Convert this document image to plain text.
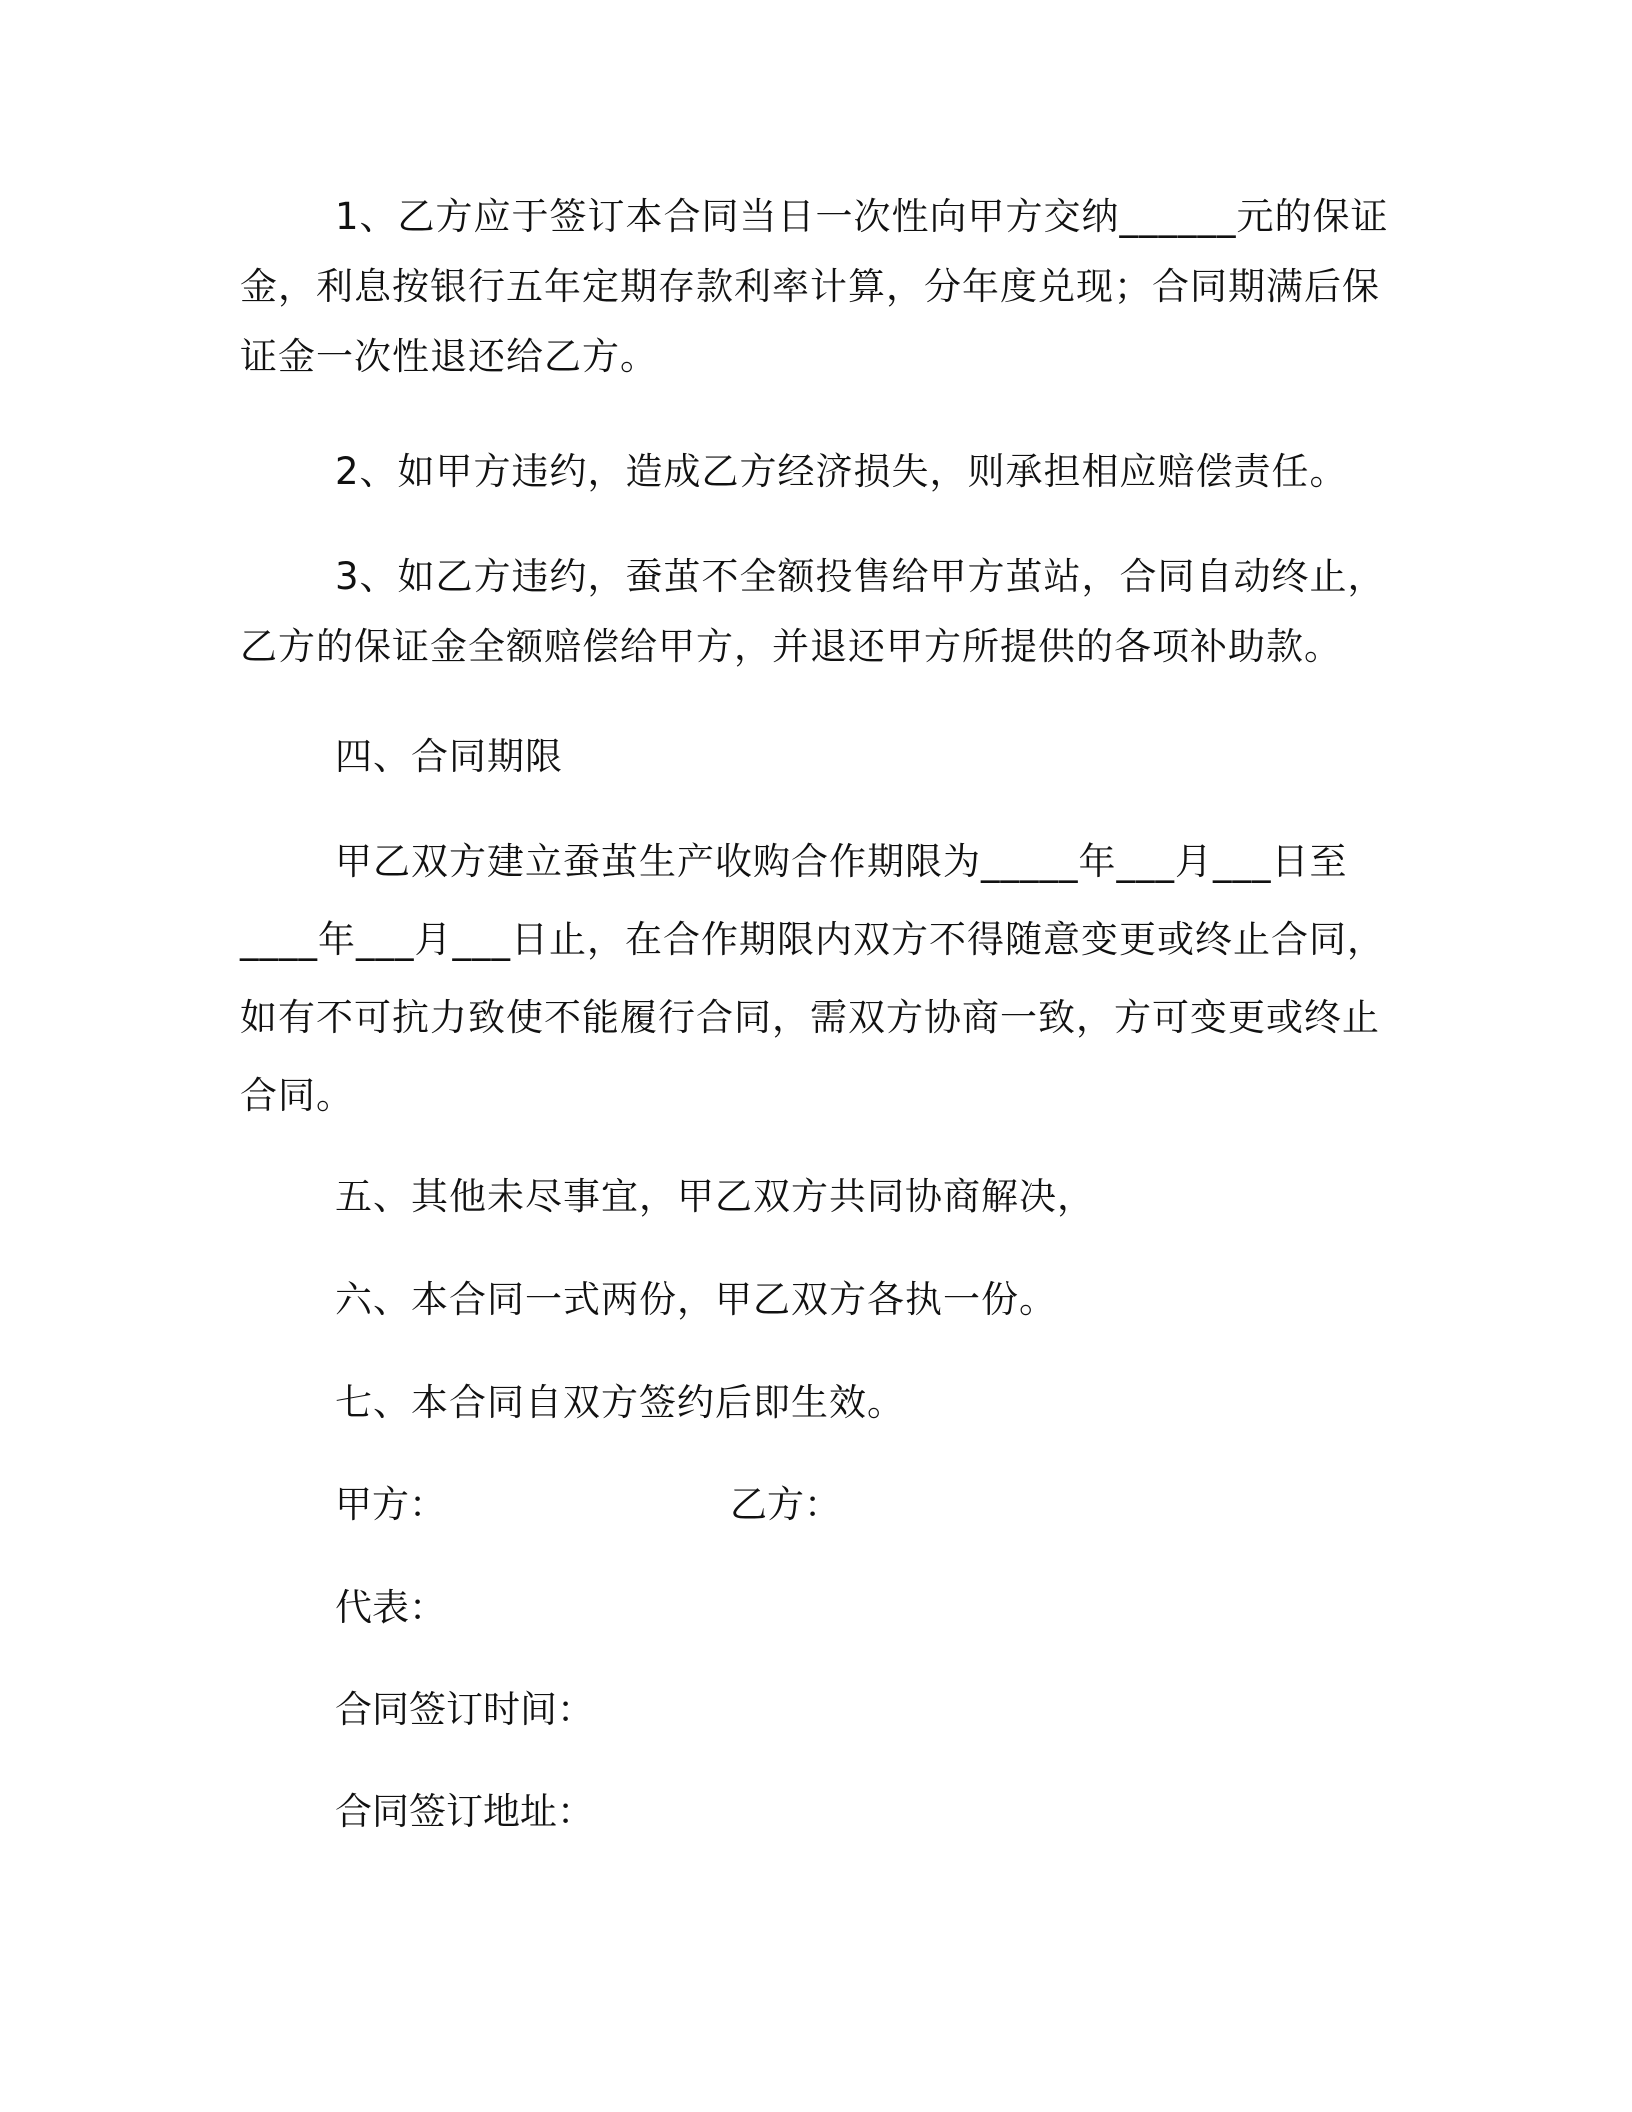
1、乙方应于签订本合同当日一次性向甲方交纳______元的保证
金，利息按银行五年定期存款利率计算，分年度兑现；合同期满后保
证金一次性退还给乙方。
2、如甲方违约，造成乙方经济损失，则承担相应赔偿责任。
3、如乙方违约，蚕茧不全额投售给甲方茧站，合同自动终止，
乙方的保证金全额赔偿给甲方，并退还甲方所提供的各项补助款。
四、合同期限
甲乙双方建立蚕茧生产收购合作期限为_____年___月___日至
____年___月___日止，在合作期限内双方不得随意变更或终止合同，
如有不可抗力致使不能履行合同，需双方协商一致，方可变更或终止
合同。
五、其他未尽事宜，甲乙双方共同协商解决，
六、本合同一式两份，甲乙双方各执一份。
七、本合同自双方签约后即生效。
甲方：	乙方：
代表：
合同签订时间：
合同签订地址：
